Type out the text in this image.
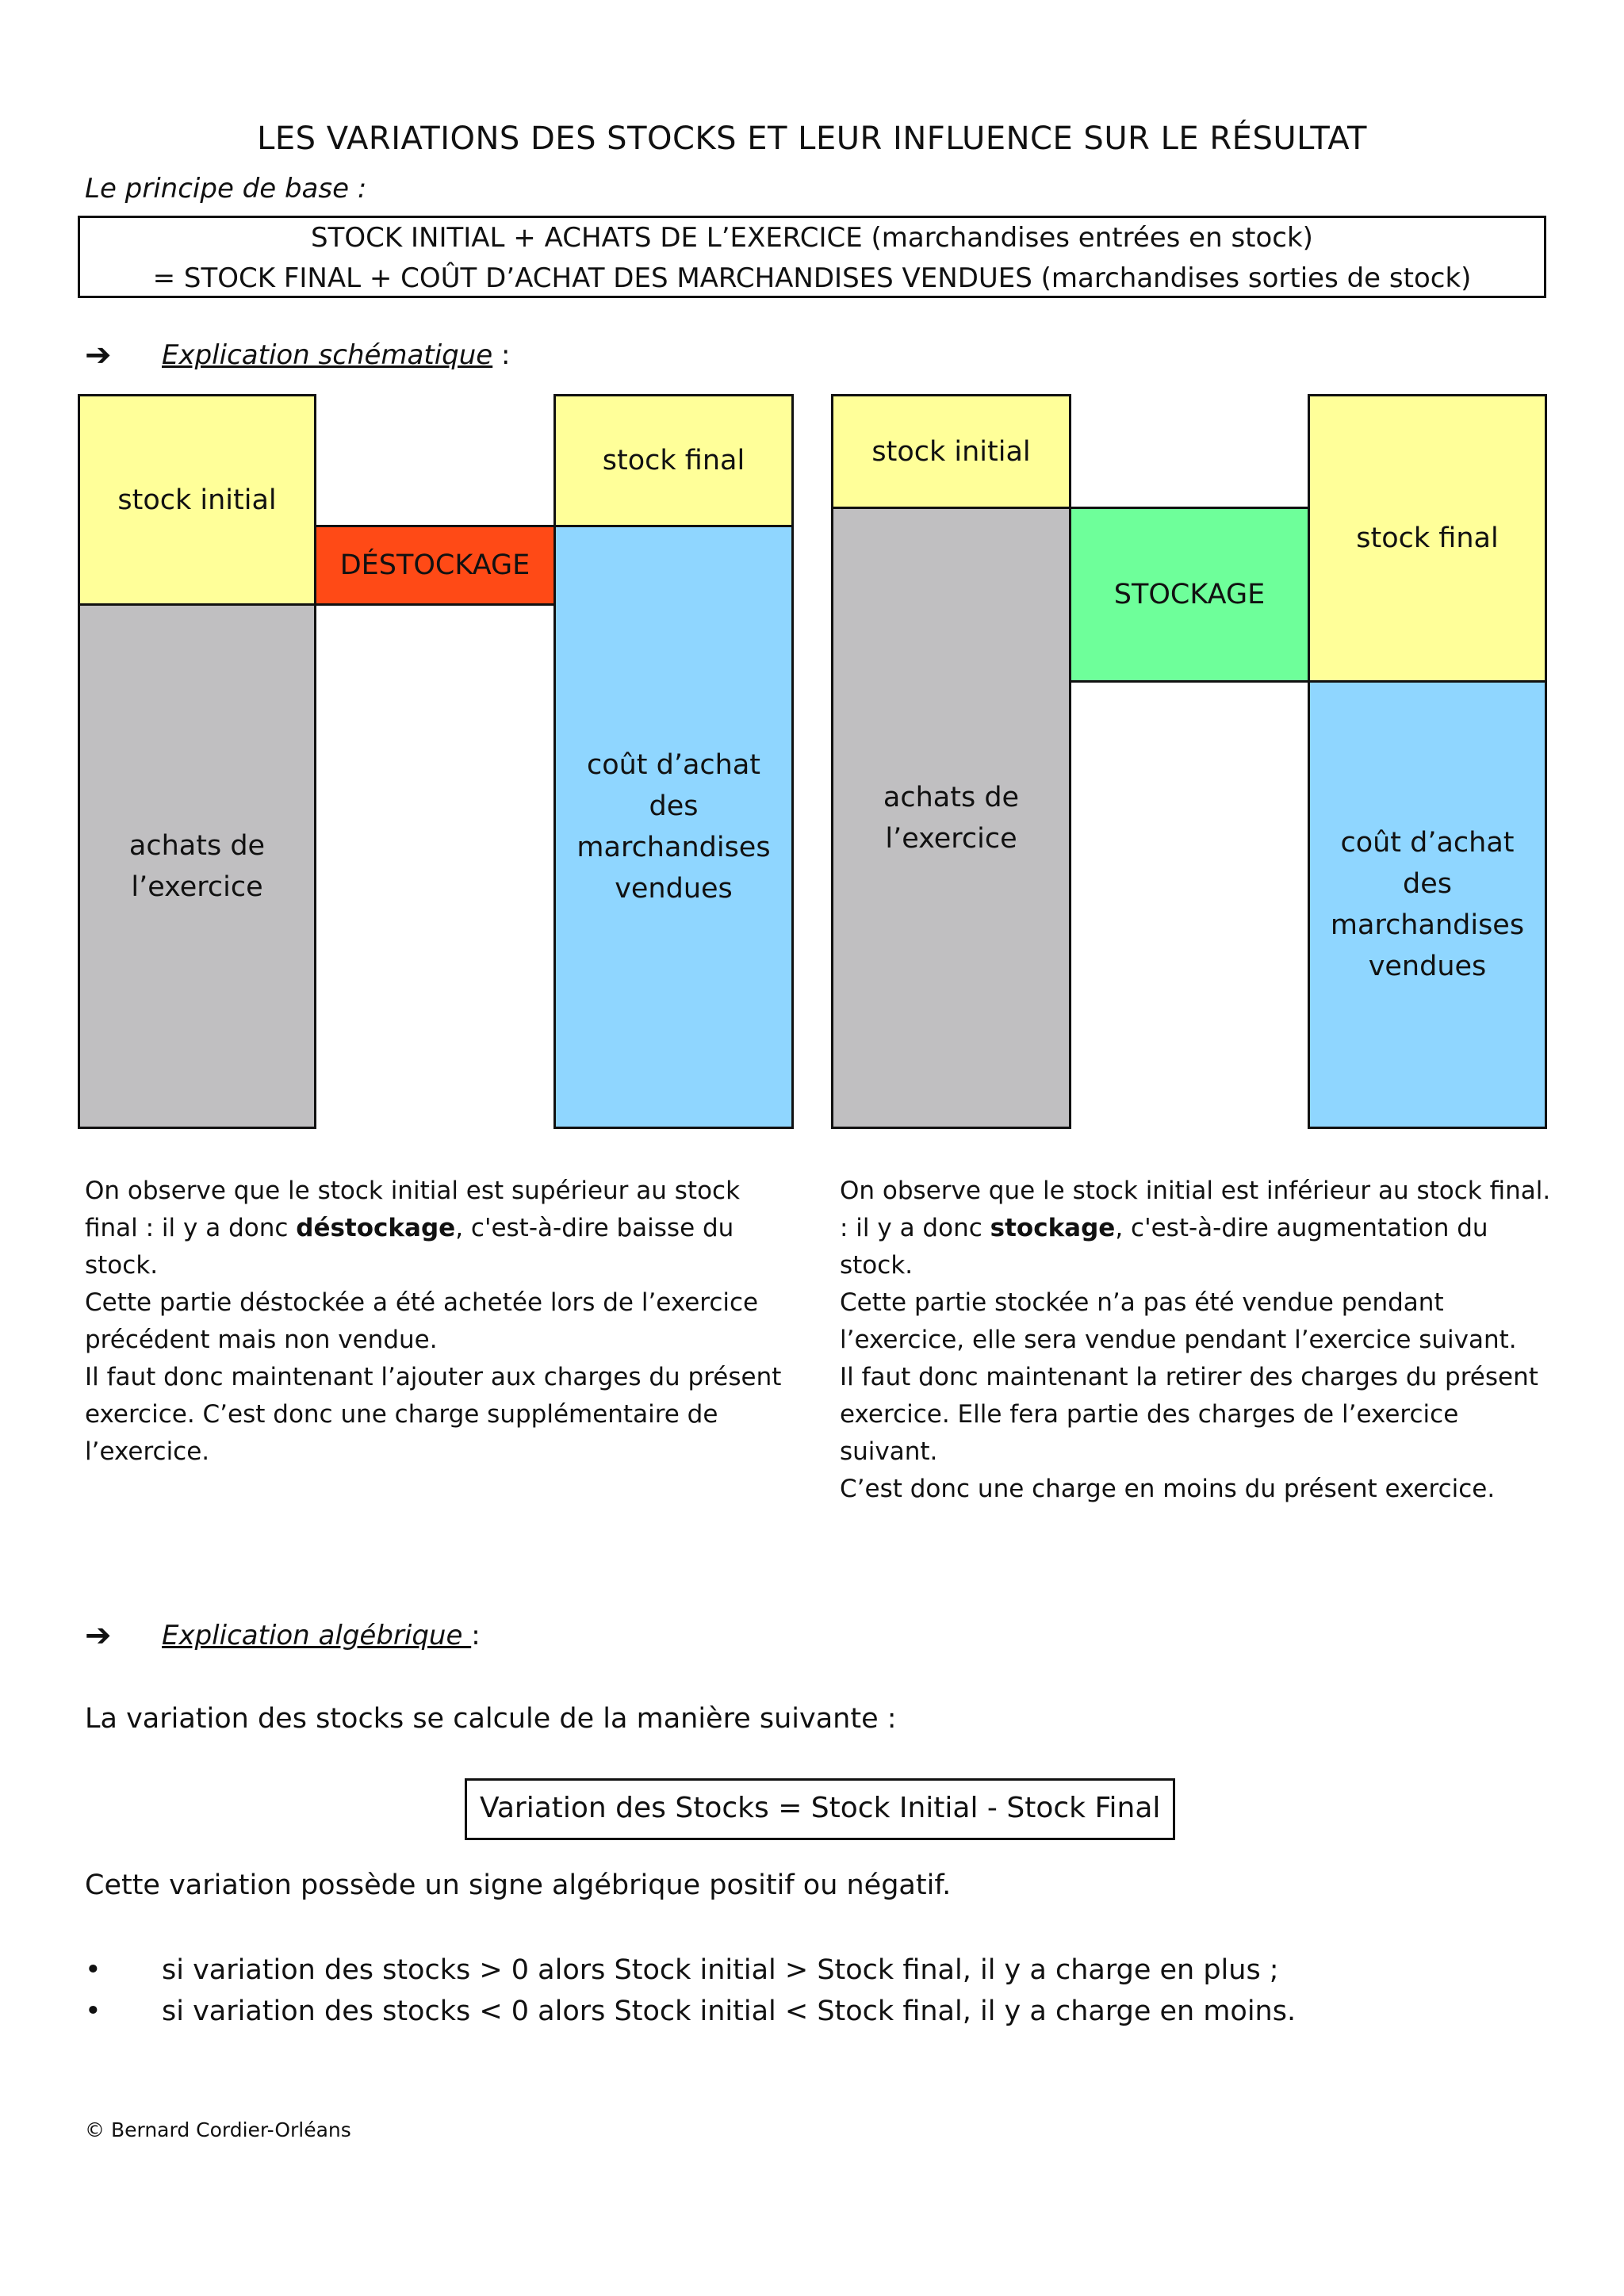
LES VARIATIONS DES STOCKS ET LEUR INFLUENCE SUR LE RÉSULTAT
Le principe de base :
STOCK INITIAL + ACHATS DE L’EXERCICE (marchandises entrées en stock)
= STOCK FINAL + COÛT D’ACHAT DES MARCHANDISES VENDUES (marchandises sorties de stock)
➔ Explication schématique :
stock initial
achats de l’exercice
DÉSTOCKAGE
stock final
coût d’achat des marchandises vendues
stock initial
achats de l’exercice
STOCKAGE
stock final
coût d’achat des marchandises vendues

On observe que le stock initial est supérieur au stock final : il y a donc déstockage, c'est-à-dire baisse du stock.

Cette partie déstockée a été achetée lors de l’exercice précédent mais non vendue.

Il faut donc maintenant l’ajouter aux charges du présent exercice. C’est donc une charge supplémentaire de l’exercice.

On observe que le stock initial est inférieur au stock final. : il y a donc stockage, c'est-à-dire augmentation du stock.

Cette partie stockée n’a pas été vendue pendant l’exercice, elle sera vendue pendant l’exercice suivant.

Il faut donc maintenant la retirer des charges du présent exercice. Elle fera partie des charges de l’exercice suivant.

C’est donc une charge en moins du présent exercice.

➔ Explication algébrique :
La variation des stocks se calcule de la manière suivante :
Variation des Stocks = Stock Initial - Stock Final
Cette variation possède un signe algébrique positif ou négatif.
• si variation des stocks > 0 alors Stock initial > Stock final, il y a charge en plus ;
• si variation des stocks < 0 alors Stock initial < Stock final, il y a charge en moins.
© Bernard Cordier-Orléans
